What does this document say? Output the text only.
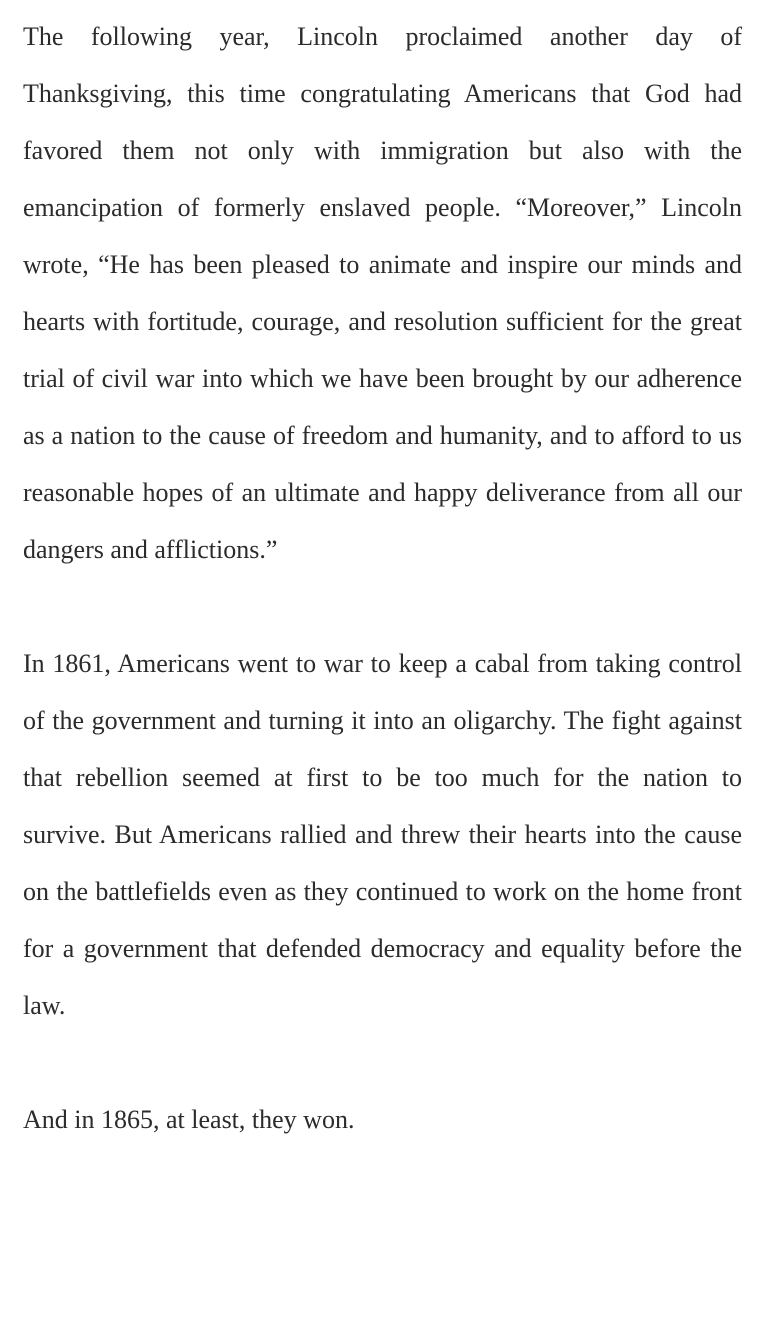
The following year, Lincoln proclaimed another day of Thanksgiving, this time congratulating Americans that God had favored them not only with immigration but also with the emancipation of formerly enslaved people. “Moreover,” Lincoln wrote, “He has been pleased to animate and inspire our minds and hearts with fortitude, courage, and resolution sufficient for the great trial of civil war into which we have been brought by our adherence as a nation to the cause of freedom and humanity, and to afford to us reasonable hopes of an ultimate and happy deliverance from all our dangers and afflictions.”

In 1861, Americans went to war to keep a cabal from taking control of the government and turning it into an oligarchy. The fight against that rebellion seemed at first to be too much for the nation to survive. But Americans rallied and threw their hearts into the cause on the battlefields even as they continued to work on the home front for a government that defended democracy and equality before the law.

And in 1865, at least, they won.
